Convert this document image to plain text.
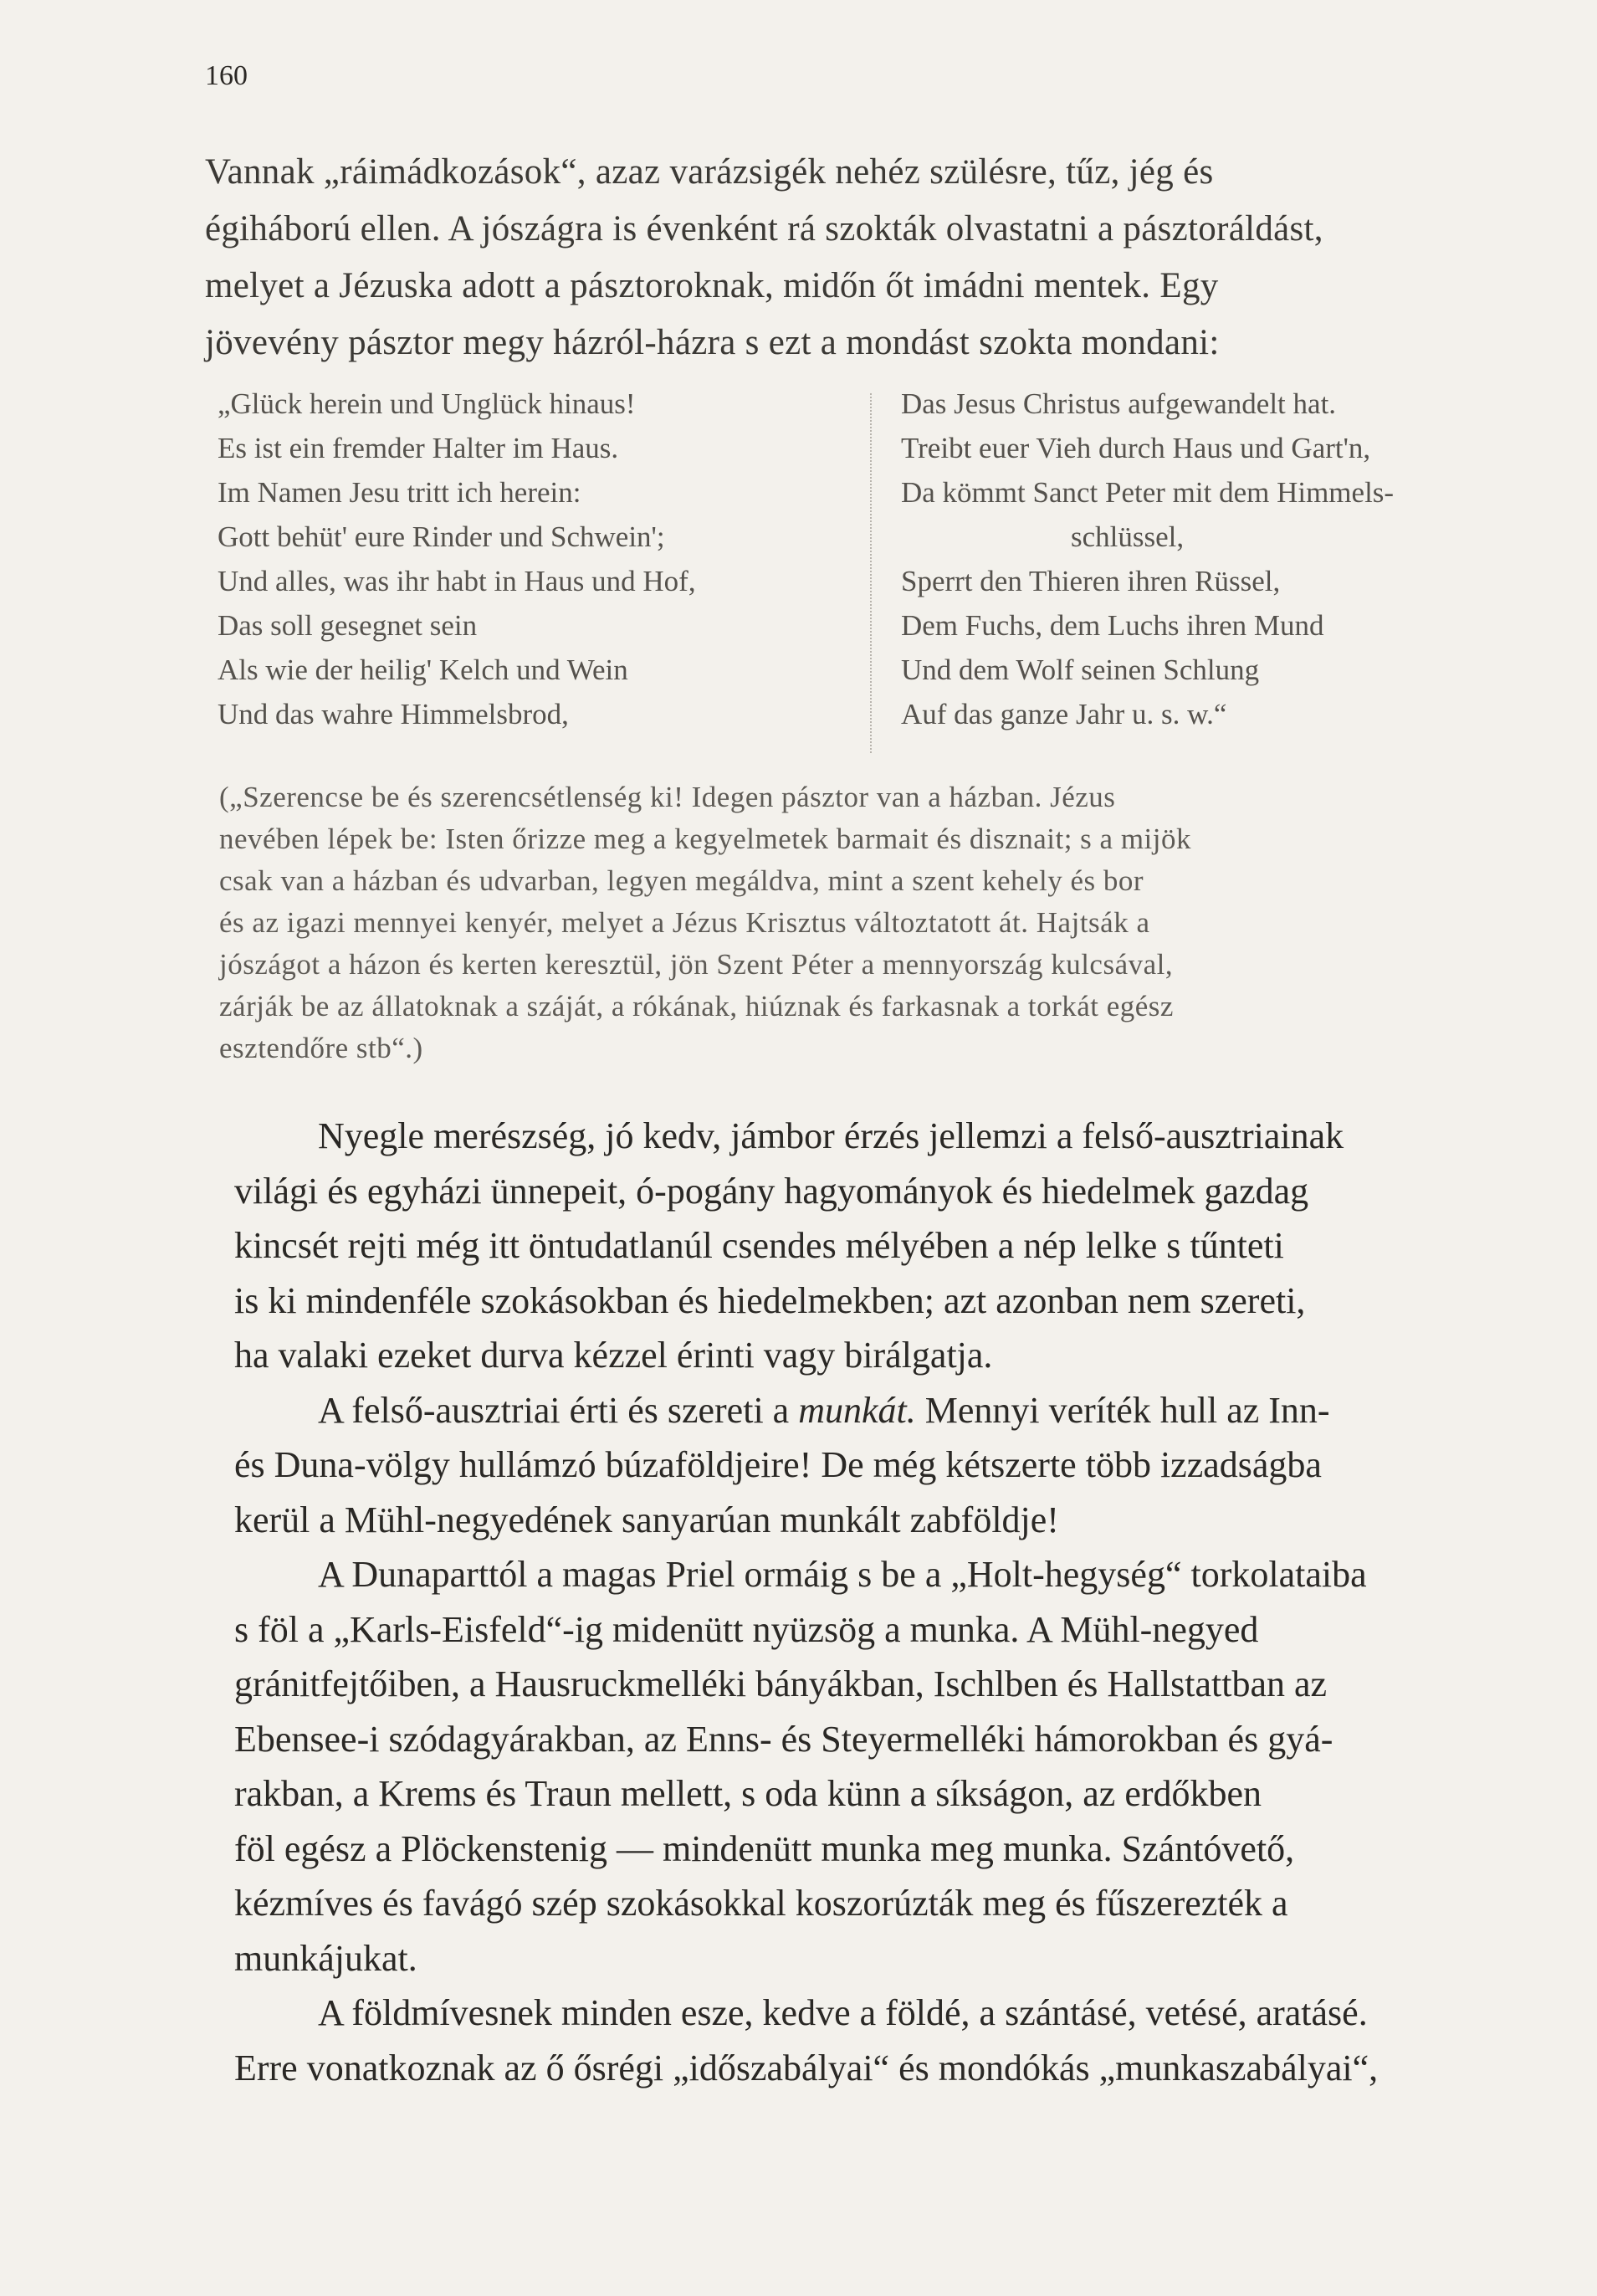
160
Vannak „ráimádkozások“, azaz varázsigék nehéz szülésre, tűz, jég és
égiháború ellen. A jószágra is évenként rá szokták olvastatni a pásztoráldást,
melyet a Jézuska adott a pásztoroknak, midőn őt imádni mentek. Egy
jövevény pásztor megy házról-házra s ezt a mondást szokta mondani:
„Glück herein und Unglück hinaus!
Es ist ein fremder Halter im Haus.
Im Namen Jesu tritt ich herein:
Gott behüt' eure Rinder und Schwein';
Und alles, was ihr habt in Haus und Hof,
Das soll gesegnet sein
Als wie der heilig' Kelch und Wein
Und das wahre Himmelsbrod,
Das Jesus Christus aufgewandelt hat.
Treibt euer Vieh durch Haus und Gart'n,
Da kömmt Sanct Peter mit dem Himmels-
schlüssel,
Sperrt den Thieren ihren Rüssel,
Dem Fuchs, dem Luchs ihren Mund
Und dem Wolf seinen Schlung
Auf das ganze Jahr u. s. w.“
(„Szerencse be és szerencsétlenség ki! Idegen pásztor van a házban. Jézus
nevében lépek be: Isten őrizze meg a kegyelmetek barmait és disznait; s a mijök
csak van a házban és udvarban, legyen megáldva, mint a szent kehely és bor
és az igazi mennyei kenyér, melyet a Jézus Krisztus változtatott át. Hajtsák a
jószágot a házon és kerten keresztül, jön Szent Péter a mennyország kulcsával,
zárják be az állatoknak a száját, a rókának, hiúznak és farkasnak a torkát egész
esztendőre stb“.)
Nyegle merészség, jó kedv, jámbor érzés jellemzi a felső-ausztriainak
világi és egyházi ünnepeit, ó-pogány hagyományok és hiedelmek gazdag
kincsét rejti még itt öntudatlanúl csendes mélyében a nép lelke s tűnteti
is ki mindenféle szokásokban és hiedelmekben; azt azonban nem szereti,
ha valaki ezeket durva kézzel érinti vagy birálgatja.
A felső-ausztriai érti és szereti a munkát. Mennyi veríték hull az Inn-
és Duna-völgy hullámzó búzaföldjeire! De még kétszerte több izzadságba
kerül a Mühl-negyedének sanyarúan munkált zabföldje!
A Dunaparttól a magas Priel ormáig s be a „Holt-hegység“ torkolataiba
s föl a „Karls-Eisfeld“-ig midenütt nyüzsög a munka. A Mühl-negyed
gránitfejtőiben, a Hausruckmelléki bányákban, Ischlben és Hallstattban az
Ebensee-i szódagyárakban, az Enns- és Steyermelléki hámorokban és gyá-
rakban, a Krems és Traun mellett, s oda künn a síkságon, az erdőkben
föl egész a Plöckenstenig — mindenütt munka meg munka. Szántóvető,
kézmíves és favágó szép szokásokkal koszorúzták meg és fűszerezték a
munkájukat.
A földmívesnek minden esze, kedve a földé, a szántásé, vetésé, aratásé.
Erre vonatkoznak az ő ősrégi „időszabályai“ és mondókás „munkaszabályai“,
